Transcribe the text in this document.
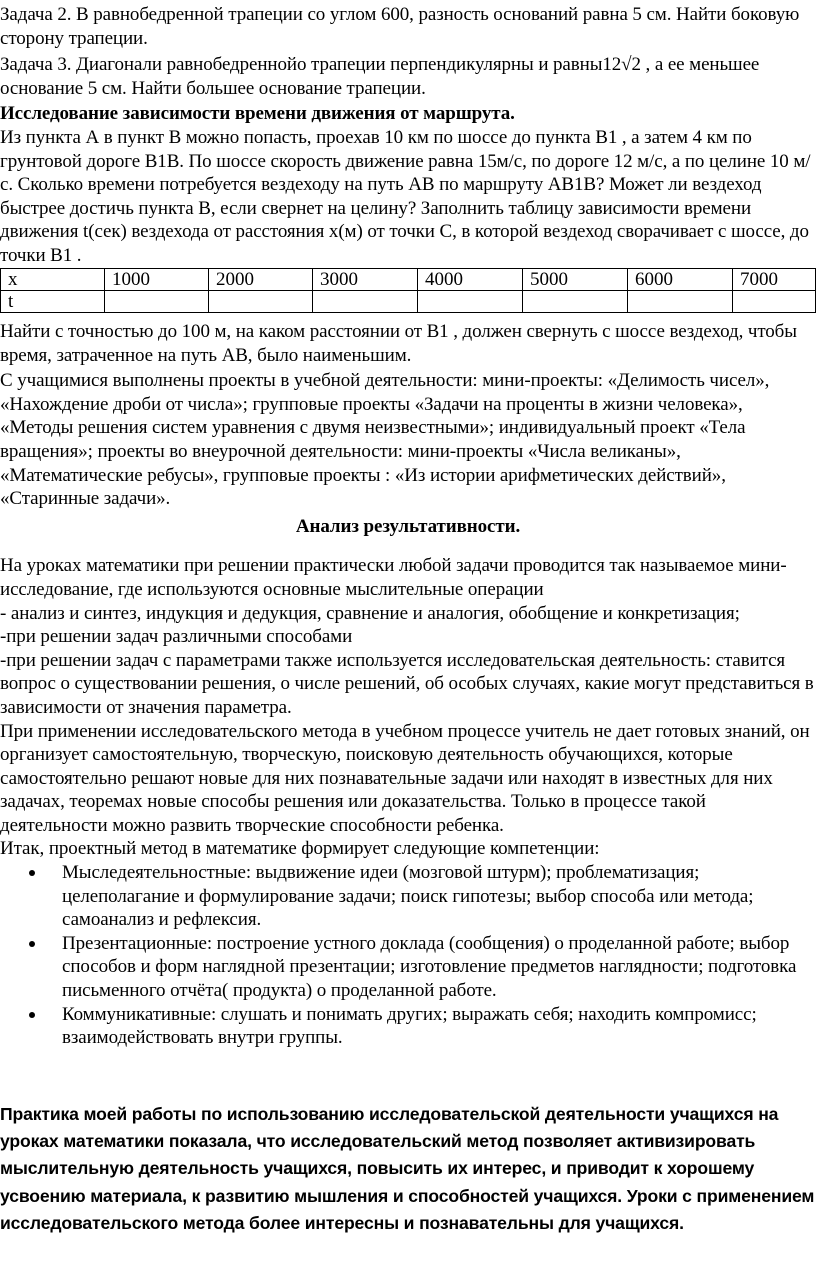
Задача 2. В равнобедренной трапеции со углом 600, разность оснований равна 5 см. Найти боковую сторону трапеции.

Задача 3. Диагонали равнобедреннойо трапеции перпендикулярны и равны12√2 , а ее меньшее основание 5 см. Найти большее основание трапеции.

Исследование зависимости времени движения от маршрута.

Из пункта А в пункт В можно попасть, проехав 10 км по шоссе до пункта В1 , а затем 4 км по грунтовой дороге В1В. По шоссе скорость движение равна 15м/с, по дороге 12 м/с, а по целине 10 м/с. Сколько времени потребуется вездеходу на путь АВ по маршруту АВ1В? Может ли вездеход быстрее достичь пункта В, если свернет на целину? Заполнить таблицу зависимости времени движения t(сек) вездехода от расстояния х(м) от точки С, в которой вездеход сворачивает с шоссе, до точки В1 .

х	1000	2000	3000	4000	5000	6000	7000
t							

Найти с точностью до 100 м, на каком расстоянии от В1 , должен свернуть с шоссе вездеход, чтобы время, затраченное на путь АВ, было наименьшим.

С учащимися выполнены проекты в учебной деятельности: мини-проекты: «Делимость чисел», «Нахождение дроби от числа»; групповые проекты «Задачи на проценты в жизни человека», «Методы решения систем уравнения с двумя неизвестными»; индивидуальный проект «Тела вращения»; проекты во внеурочной деятельности: мини-проекты «Числа великаны», «Математические ребусы», групповые проекты : «Из истории арифметических действий», «Старинные задачи».

Анализ результативности.

На уроках математики при решении практически любой задачи проводится так называемое мини-исследование, где используются основные мыслительные операции

- анализ и синтез, индукция и дедукция, сравнение и аналогия, обобщение и конкретизация;

-при решении задач различными способами

-при решении задач с параметрами также используется исследовательская деятельность: ставится вопрос о существовании решения, о числе решений, об особых случаях, какие могут представиться в зависимости от значения параметра.

При применении исследовательского метода в учебном процессе учитель не дает готовых знаний, он организует самостоятельную, творческую, поисковую деятельность обучающихся, которые самостоятельно решают новые для них познавательные задачи или находят в известных для них задачах, теоремах новые способы решения или доказательства. Только в процессе такой деятельности можно развить творческие способности ребенка.

Итак, проектный метод в математике формирует следующие компетенции:

Мыследеятельностные: выдвижение идеи (мозговой штурм); проблематизация; целеполагание и формулирование задачи; поиск гипотезы; выбор способа или метода; самоанализ и рефлексия.
Презентационные: построение устного доклада (сообщения) о проделанной работе; выбор способов и форм наглядной презентации; изготовление предметов наглядности; подготовка письменного отчёта( продукта) о проделанной работе.
Коммуникативные: слушать и понимать других; выражать себя; находить компромисс; взаимодействовать внутри группы.

Практика моей работы по использованию исследовательской деятельности учащихся на уроках математики показала, что исследовательский метод позволяет активизировать мыслительную деятельность учащихся, повысить их интерес, и приводит к хорошему усвоению материала, к развитию мышления и способностей учащихся. Уроки с применением исследовательского метода более интересны и познавательны для учащихся.
